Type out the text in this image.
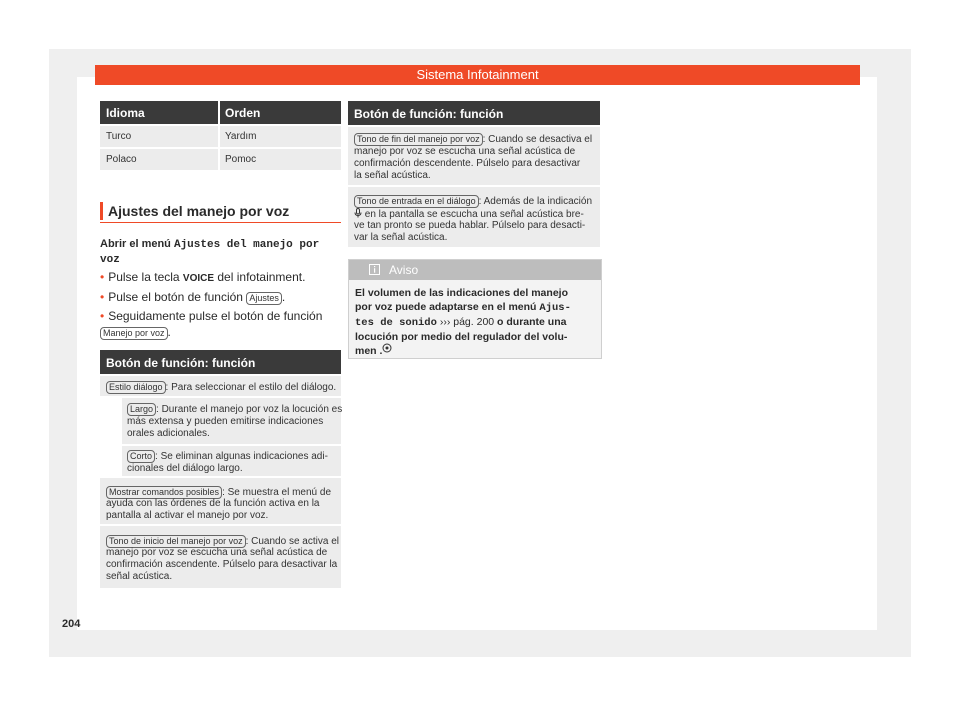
Sistema Infotainment
Idioma	Orden
Turco	Yardım
Polaco	Pomoc
Ajustes del manejo por voz
Abrir el menú Ajustes del manejo por voz
• Pulse la tecla VOICE del infotainment.
• Pulse el botón de función Ajustes .
• Seguidamente pulse el botón de función
Manejo por voz .
Botón de función: función
Estilo diálogo : Para seleccionar el estilo del diálogo.
Largo : Durante el manejo por voz la locución es
más extensa y pueden emitirse indicaciones
orales adicionales.
Corto : Se eliminan algunas indicaciones adi-
cionales del diálogo largo.
Mostrar comandos posibles : Se muestra el menú de
ayuda con las órdenes de la función activa en la
pantalla al activar el manejo por voz.
Tono de inicio del manejo por voz : Cuando se activa el
manejo por voz se escucha una señal acústica de
confirmación ascendente. Púlselo para desactivar la
señal acústica.
Botón de función: función
Tono de fin del manejo por voz : Cuando se desactiva el
manejo por voz se escucha una señal acústica de
confirmación descendente. Púlselo para desactivar
la señal acústica.
Tono de entrada en el diálogo : Además de la indicación
en la pantalla se escucha una señal acústica bre-
ve tan pronto se pueda hablar. Púlselo para desacti-
var la señal acústica.
Aviso
El volumen de las indicaciones del manejo
por voz puede adaptarse en el menú Ajus-
tes de sonido ››› pág. 200 o durante una
locución por medio del regulador del volu-
men .
204
